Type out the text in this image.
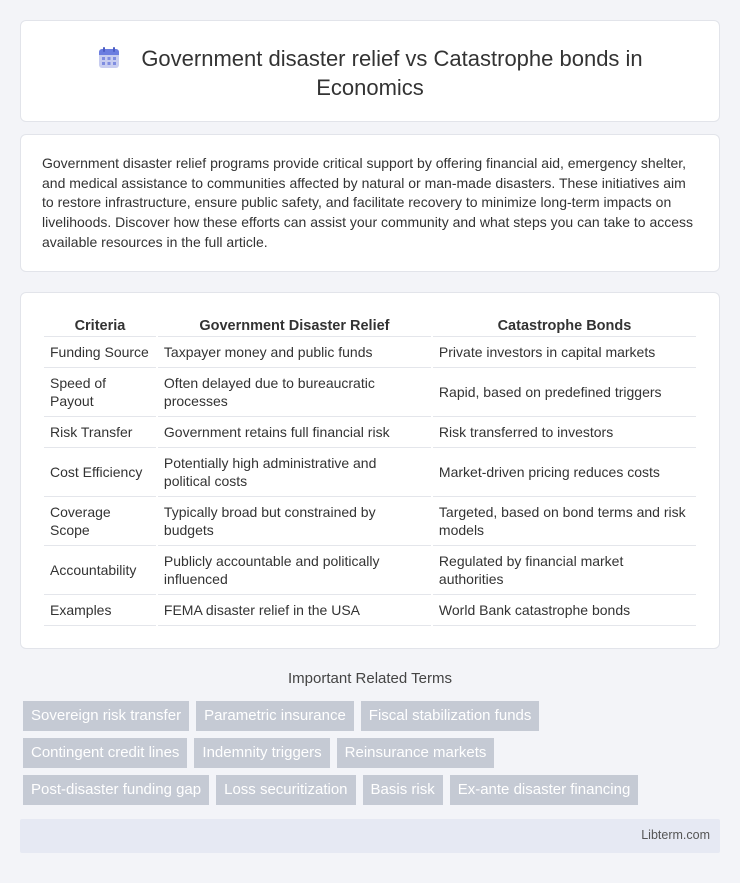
Government disaster relief vs Catastrophe bonds in Economics

Government disaster relief programs provide critical support by offering financial aid, emergency shelter, and medical assistance to communities affected by natural or man-made disasters. These initiatives aim to restore infrastructure, ensure public safety, and facilitate recovery to minimize long-term impacts on livelihoods. Discover how these efforts can assist your community and what steps you can take to access available resources in the full article.

Criteria	Government Disaster Relief	Catastrophe Bonds
Funding Source	Taxpayer money and public funds	Private investors in capital markets
Speed of Payout	Often delayed due to bureaucratic processes	Rapid, based on predefined triggers
Risk Transfer	Government retains full financial risk	Risk transferred to investors
Cost Efficiency	Potentially high administrative and political costs	Market-driven pricing reduces costs
Coverage Scope	Typically broad but constrained by budgets	Targeted, based on bond terms and risk models
Accountability	Publicly accountable and politically influenced	Regulated by financial market authorities
Examples	FEMA disaster relief in the USA	World Bank catastrophe bonds
Important Related Terms
Sovereign risk transfer	Parametric insurance	Fiscal stabilization funds
Contingent credit lines	Indemnity triggers	Reinsurance markets
Post-disaster funding gap	Loss securitization	Basis risk	Ex-ante disaster financing
Libterm.com
